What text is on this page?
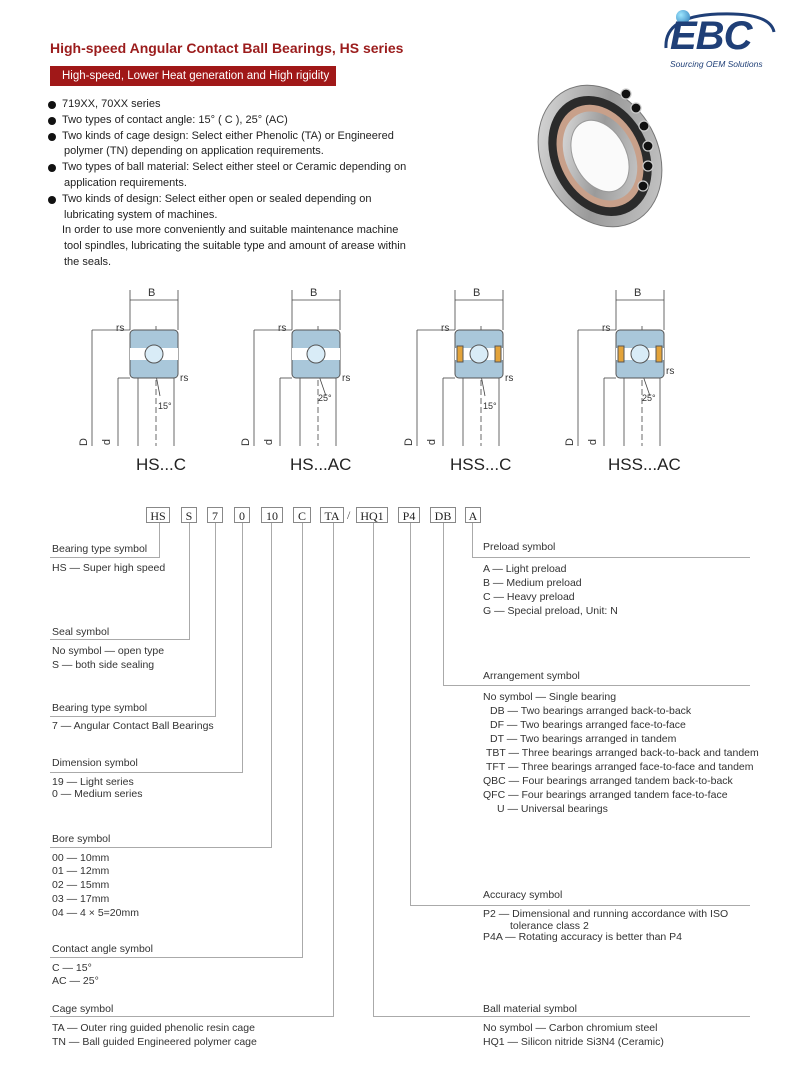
High-speed Angular Contact Ball Bearings, HS series
High-speed, Lower Heat generation and High rigidity
EBC
Sourcing OEM Solutions
719XX, 70XX series
Two types of contact angle: 15° ( C ), 25° (AC)
Two kinds of cage design: Select either Phenolic (TA) or Engineered
polymer (TN) depending on application requirements.
Two types of ball material: Select either steel or Ceramic depending on
application requirements.
Two kinds of design: Select either open or sealed depending on
lubricating system of machines.
In order to use more conveniently and suitable maintenance machine
tool spindles, lubricating the suitable type and amount of arease within
the seals.
B
rs
rs
15°
D d
HS...C
B
rs
rs
25°
D d
HS...AC
B
rs
rs
15°
D d
HSS...C
B
rs
rs
25°
D d
HSS...AC
HS	S	7	0	10	C	TA / HQ1	P4	DB	A
Bearing type symbol
HS — Super high speed
Seal symbol
No symbol — open type
S — both side sealing
Bearing type symbol
7 — Angular Contact Ball Bearings
Dimension symbol
19 — Light series
0 — Medium series
Bore symbol
00 — 10mm
01 — 12mm
02 — 15mm
03 — 17mm
04 — 4 × 5=20mm
Contact angle symbol
C — 15°
AC — 25°
Cage symbol
TA — Outer ring guided phenolic resin cage
TN — Ball guided Engineered polymer cage
Preload symbol
A — Light preload
B — Medium preload
C — Heavy preload
G — Special preload, Unit: N
Arrangement symbol
No symbol — Single bearing
DB — Two bearings arranged back-to-back
DF — Two bearings arranged face-to-face
DT — Two bearings arranged in tandem
TBT — Three bearings arranged back-to-back and tandem
TFT — Three bearings arranged face-to-face and tandem
QBC — Four bearings arranged tandem back-to-back
QFC — Four bearings arranged tandem face-to-face
U — Universal bearings
Accuracy symbol
P2 — Dimensional and running accordance with ISO
tolerance class 2
P4A — Rotating accuracy is better than P4
Ball material symbol
No symbol — Carbon chromium steel
HQ1 — Silicon nitride Si3N4 (Ceramic)
